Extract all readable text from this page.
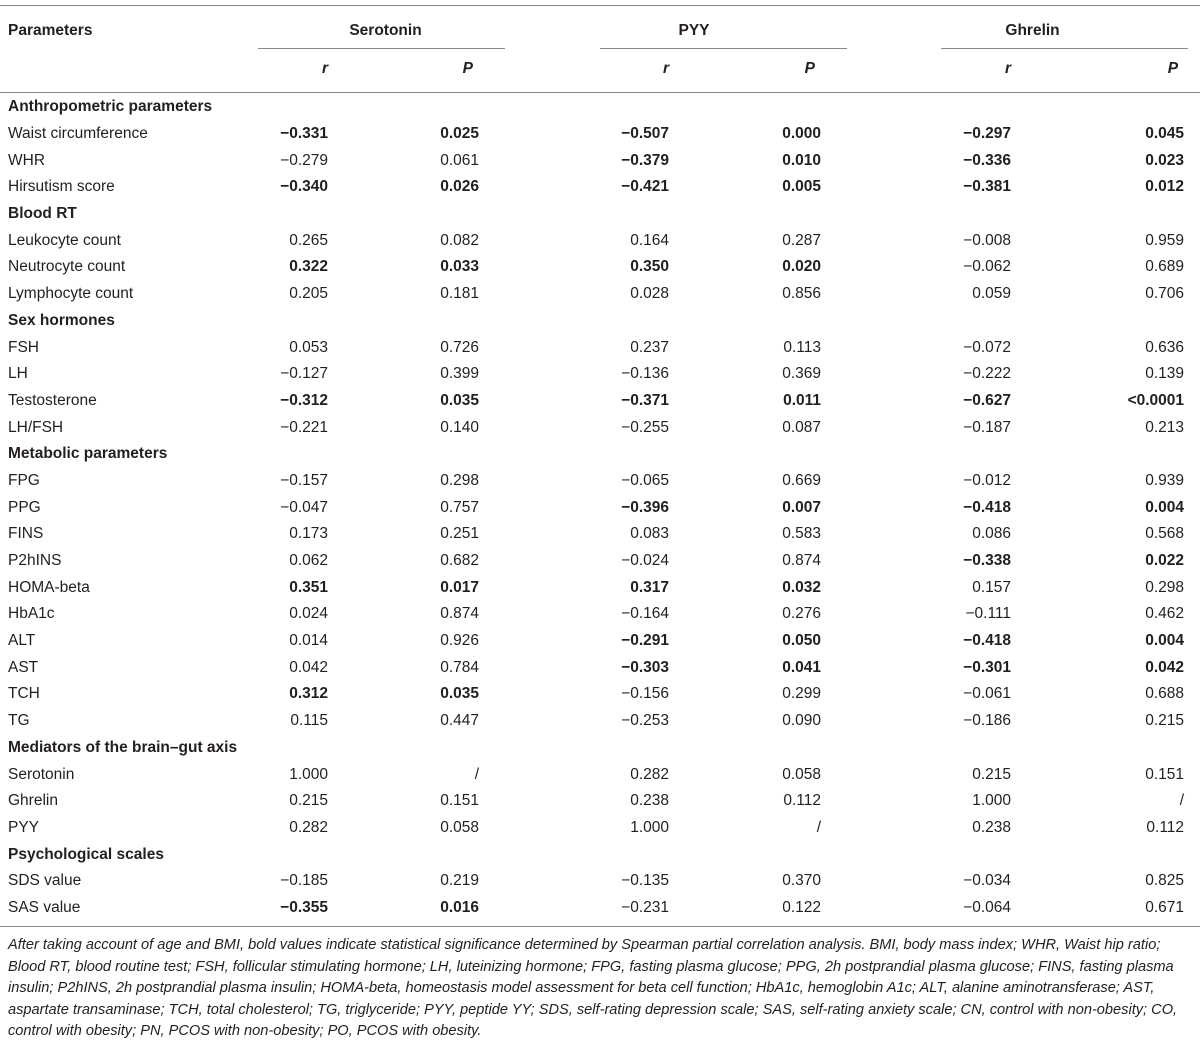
Parameters	Serotonin		PYY		Ghrelin	
	r	P	r	P	r	P
Anthropometric parameters						
Waist circumference	−0.331	0.025	−0.507	0.000	−0.297	0.045
WHR	−0.279	0.061	−0.379	0.010	−0.336	0.023
Hirsutism score	−0.340	0.026	−0.421	0.005	−0.381	0.012
Blood RT						
Leukocyte count	0.265	0.082	0.164	0.287	−0.008	0.959
Neutrocyte count	0.322	0.033	0.350	0.020	−0.062	0.689
Lymphocyte count	0.205	0.181	0.028	0.856	0.059	0.706
Sex hormones						
FSH	0.053	0.726	0.237	0.113	−0.072	0.636
LH	−0.127	0.399	−0.136	0.369	−0.222	0.139
Testosterone	−0.312	0.035	−0.371	0.011	−0.627	<0.0001
LH/FSH	−0.221	0.140	−0.255	0.087	−0.187	0.213
Metabolic parameters						
FPG	−0.157	0.298	−0.065	0.669	−0.012	0.939
PPG	−0.047	0.757	−0.396	0.007	−0.418	0.004
FINS	0.173	0.251	0.083	0.583	0.086	0.568
P2hINS	0.062	0.682	−0.024	0.874	−0.338	0.022
HOMA-beta	0.351	0.017	0.317	0.032	0.157	0.298
HbA1c	0.024	0.874	−0.164	0.276	−0.111	0.462
ALT	0.014	0.926	−0.291	0.050	−0.418	0.004
AST	0.042	0.784	−0.303	0.041	−0.301	0.042
TCH	0.312	0.035	−0.156	0.299	−0.061	0.688
TG	0.115	0.447	−0.253	0.090	−0.186	0.215
Mediators of the brain–gut axis						
Serotonin	1.000	/	0.282	0.058	0.215	0.151
Ghrelin	0.215	0.151	0.238	0.112	1.000	/
PYY	0.282	0.058	1.000	/	0.238	0.112
Psychological scales						
SDS value	−0.185	0.219	−0.135	0.370	−0.034	0.825
SAS value	−0.355	0.016	−0.231	0.122	−0.064	0.671
After taking account of age and BMI, bold values indicate statistical significance determined by Spearman partial correlation analysis. BMI, body mass index; WHR, Waist hip ratio; Blood RT, blood routine test; FSH, follicular stimulating hormone; LH, luteinizing hormone; FPG, fasting plasma glucose; PPG, 2h postprandial plasma glucose; FINS, fasting plasma insulin; P2hINS, 2h postprandial plasma insulin; HOMA-beta, homeostasis model assessment for beta cell function; HbA1c, hemoglobin A1c; ALT, alanine aminotransferase; AST, aspartate transaminase; TCH, total cholesterol; TG, triglyceride; PYY, peptide YY; SDS, self-rating depression scale; SAS, self-rating anxiety scale; CN, control with non-obesity; CO, control with obesity; PN, PCOS with non-obesity; PO, PCOS with obesity.
